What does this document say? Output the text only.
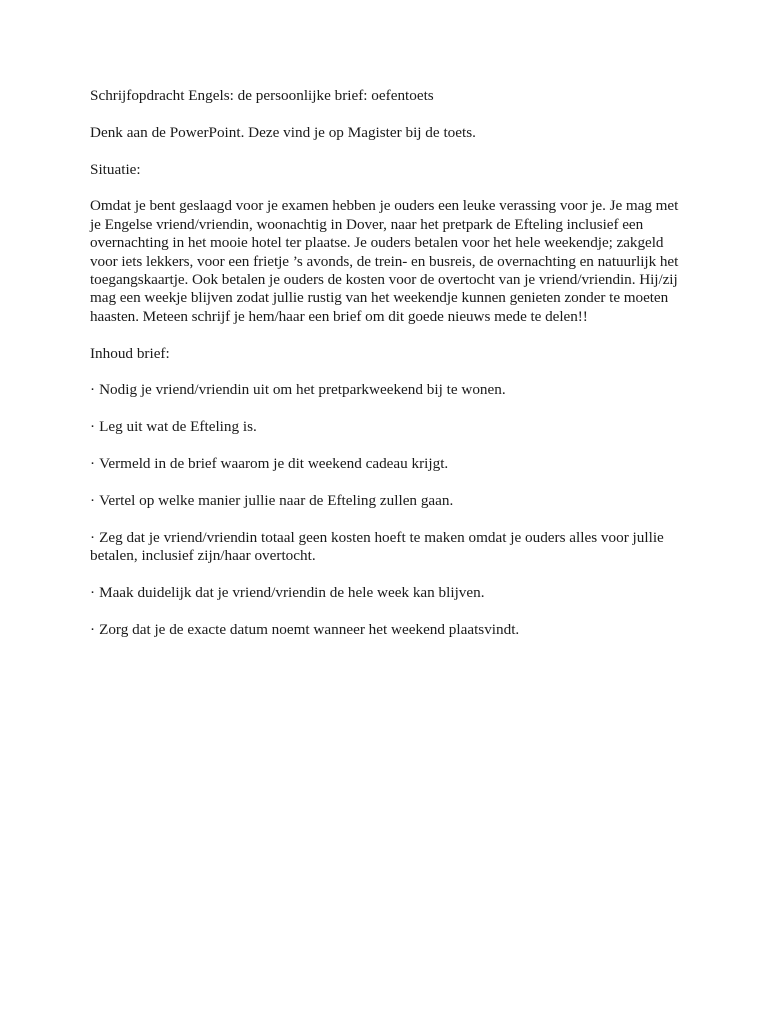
Schrijfopdracht Engels: de persoonlijke brief: oefentoets

Denk aan de PowerPoint. Deze vind je op Magister bij de toets.

Situatie:

Omdat je bent geslaagd voor je examen hebben je ouders een leuke verassing voor je. Je mag met je Engelse vriend/vriendin, woonachtig in Dover, naar het pretpark de Efteling inclusief een overnachting in het mooie hotel ter plaatse. Je ouders betalen voor het hele weekendje; zakgeld voor iets lekkers, voor een frietje ’s avonds, de trein- en busreis, de overnachting en natuurlijk het toegangskaartje. Ook betalen je ouders de kosten voor de overtocht van je vriend/vriendin. Hij/zij mag een weekje blijven zodat jullie rustig van het weekendje kunnen genieten zonder te moeten haasten. Meteen schrijf je hem/haar een brief om dit goede nieuws mede te delen!!

Inhoud brief:

· Nodig je vriend/vriendin uit om het pretparkweekend bij te wonen.
· Leg uit wat de Efteling is.
· Vermeld in de brief waarom je dit weekend cadeau krijgt.
· Vertel op welke manier jullie naar de Efteling zullen gaan.
· Zeg dat je vriend/vriendin totaal geen kosten hoeft te maken omdat je ouders alles voor jullie betalen, inclusief zijn/haar overtocht.
· Maak duidelijk dat je vriend/vriendin de hele week kan blijven.
· Zorg dat je de exacte datum noemt wanneer het weekend plaatsvindt.
